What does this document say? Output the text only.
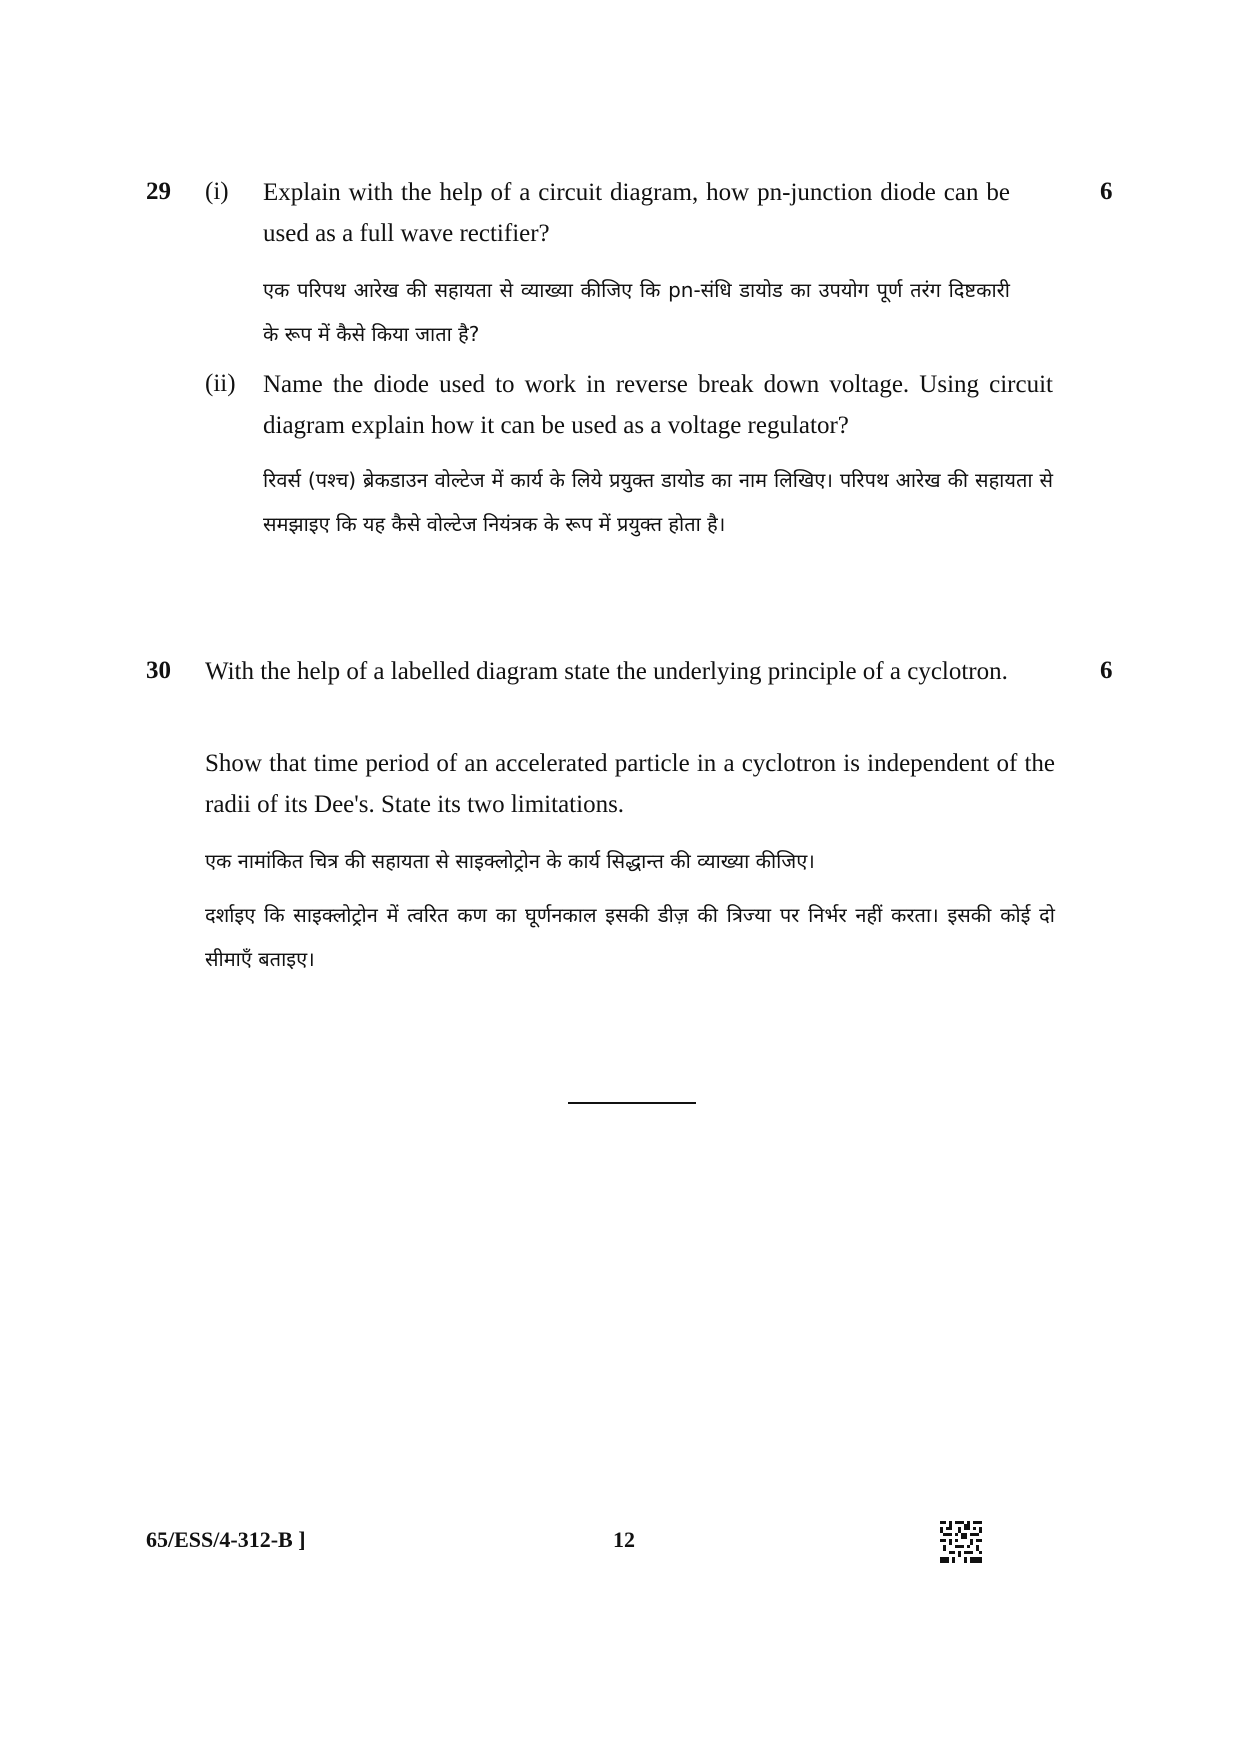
29	6
(i) Explain with the help of a circuit diagram, how pn-junction diode can be used as a full wave rectifier?
एक परिपथ आरेख की सहायता से व्याख्या कीजिए कि pn-संधि डायोड का उपयोग पूर्ण तरंग दिष्टकारी के रूप में कैसे किया जाता है?
(ii) Name the diode used to work in reverse break down voltage. Using circuit diagram explain how it can be used as a voltage regulator?
रिवर्स (पश्च) ब्रेकडाउन वोल्टेज में कार्य के लिये प्रयुक्त डायोड का नाम लिखिए। परिपथ आरेख की सहायता से समझाइए कि यह कैसे वोल्टेज नियंत्रक के रूप में प्रयुक्त होता है।
30	6
With the help of a labelled diagram state the underlying principle of a cyclotron.
Show that time period of an accelerated particle in a cyclotron is independent of the radii of its Dee's. State its two limitations.
एक नामांकित चित्र की सहायता से साइक्लोट्रोन के कार्य सिद्धान्त की व्याख्या कीजिए।
दर्शाइए कि साइक्लोट्रोन में त्वरित कण का घूर्णनकाल इसकी डीज़ की त्रिज्या पर निर्भर नहीं करता। इसकी कोई दो सीमाएँ बताइए।
65/ESS/4-312-B ]	12
